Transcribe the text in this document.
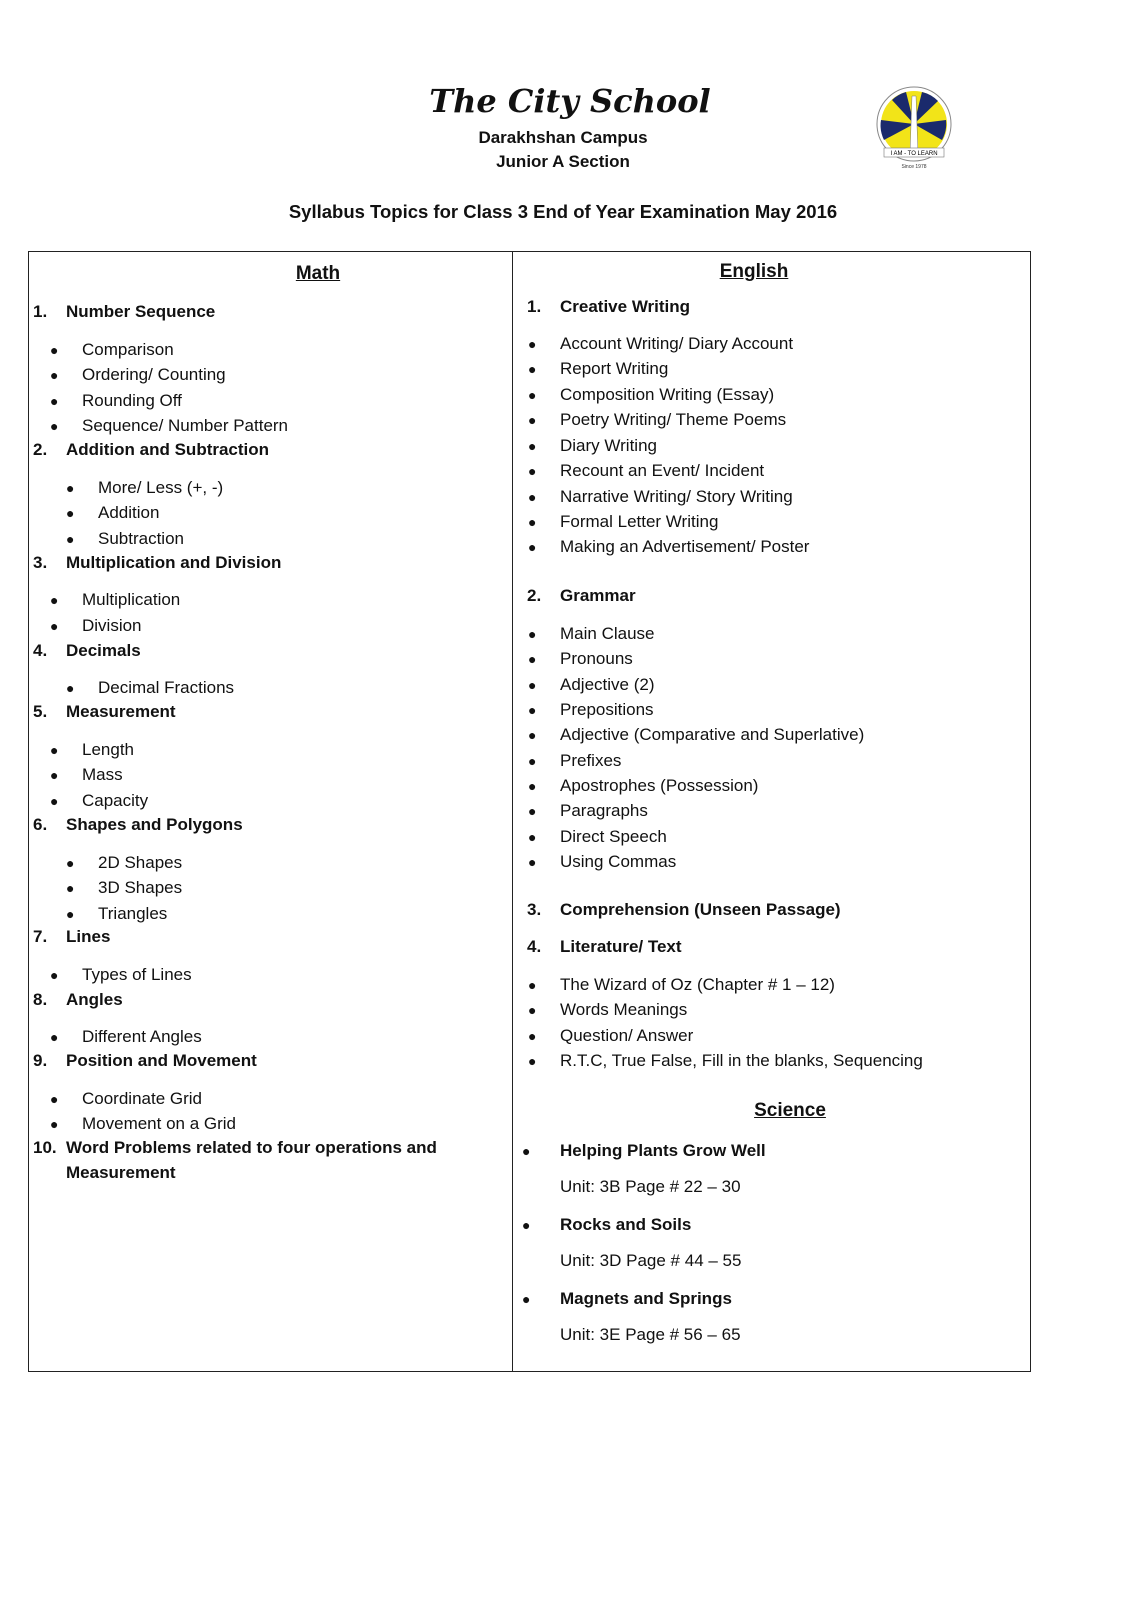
The City School
Darakhshan Campus
Junior A Section
Syllabus Topics for Class 3 End of Year Examination May 2016
I AM - TO LEARN
Since 1978
Math
1. Number Sequence
● Comparison
● Ordering/ Counting
● Rounding Off
● Sequence/ Number Pattern
2. Addition and Subtraction
● More/ Less (+, -)
● Addition
● Subtraction
3. Multiplication and Division
● Multiplication
● Division
4. Decimals
● Decimal Fractions
5. Measurement
● Length
● Mass
● Capacity
6. Shapes and Polygons
● 2D Shapes
● 3D Shapes
● Triangles
7. Lines
● Types of Lines
8. Angles
● Different Angles
9. Position and Movement
● Coordinate Grid
● Movement on a Grid
10. Word Problems related to four operations and
Measurement
English
1. Creative Writing
● Account Writing/ Diary Account
● Report Writing
● Composition Writing (Essay)
● Poetry Writing/ Theme Poems
● Diary Writing
● Recount an Event/ Incident
● Narrative Writing/ Story Writing
● Formal Letter Writing
● Making an Advertisement/ Poster
2. Grammar
● Main Clause
● Pronouns
● Adjective (2)
● Prepositions
● Adjective (Comparative and Superlative)
● Prefixes
● Apostrophes (Possession)
● Paragraphs
● Direct Speech
● Using Commas
3. Comprehension (Unseen Passage)
4. Literature/ Text
● The Wizard of Oz (Chapter # 1 – 12)
● Words Meanings
● Question/ Answer
● R.T.C, True False, Fill in the blanks, Sequencing
Science
● Helping Plants Grow Well
Unit: 3B Page # 22 – 30
● Rocks and Soils
Unit: 3D Page # 44 – 55
● Magnets and Springs
Unit: 3E Page # 56 – 65
